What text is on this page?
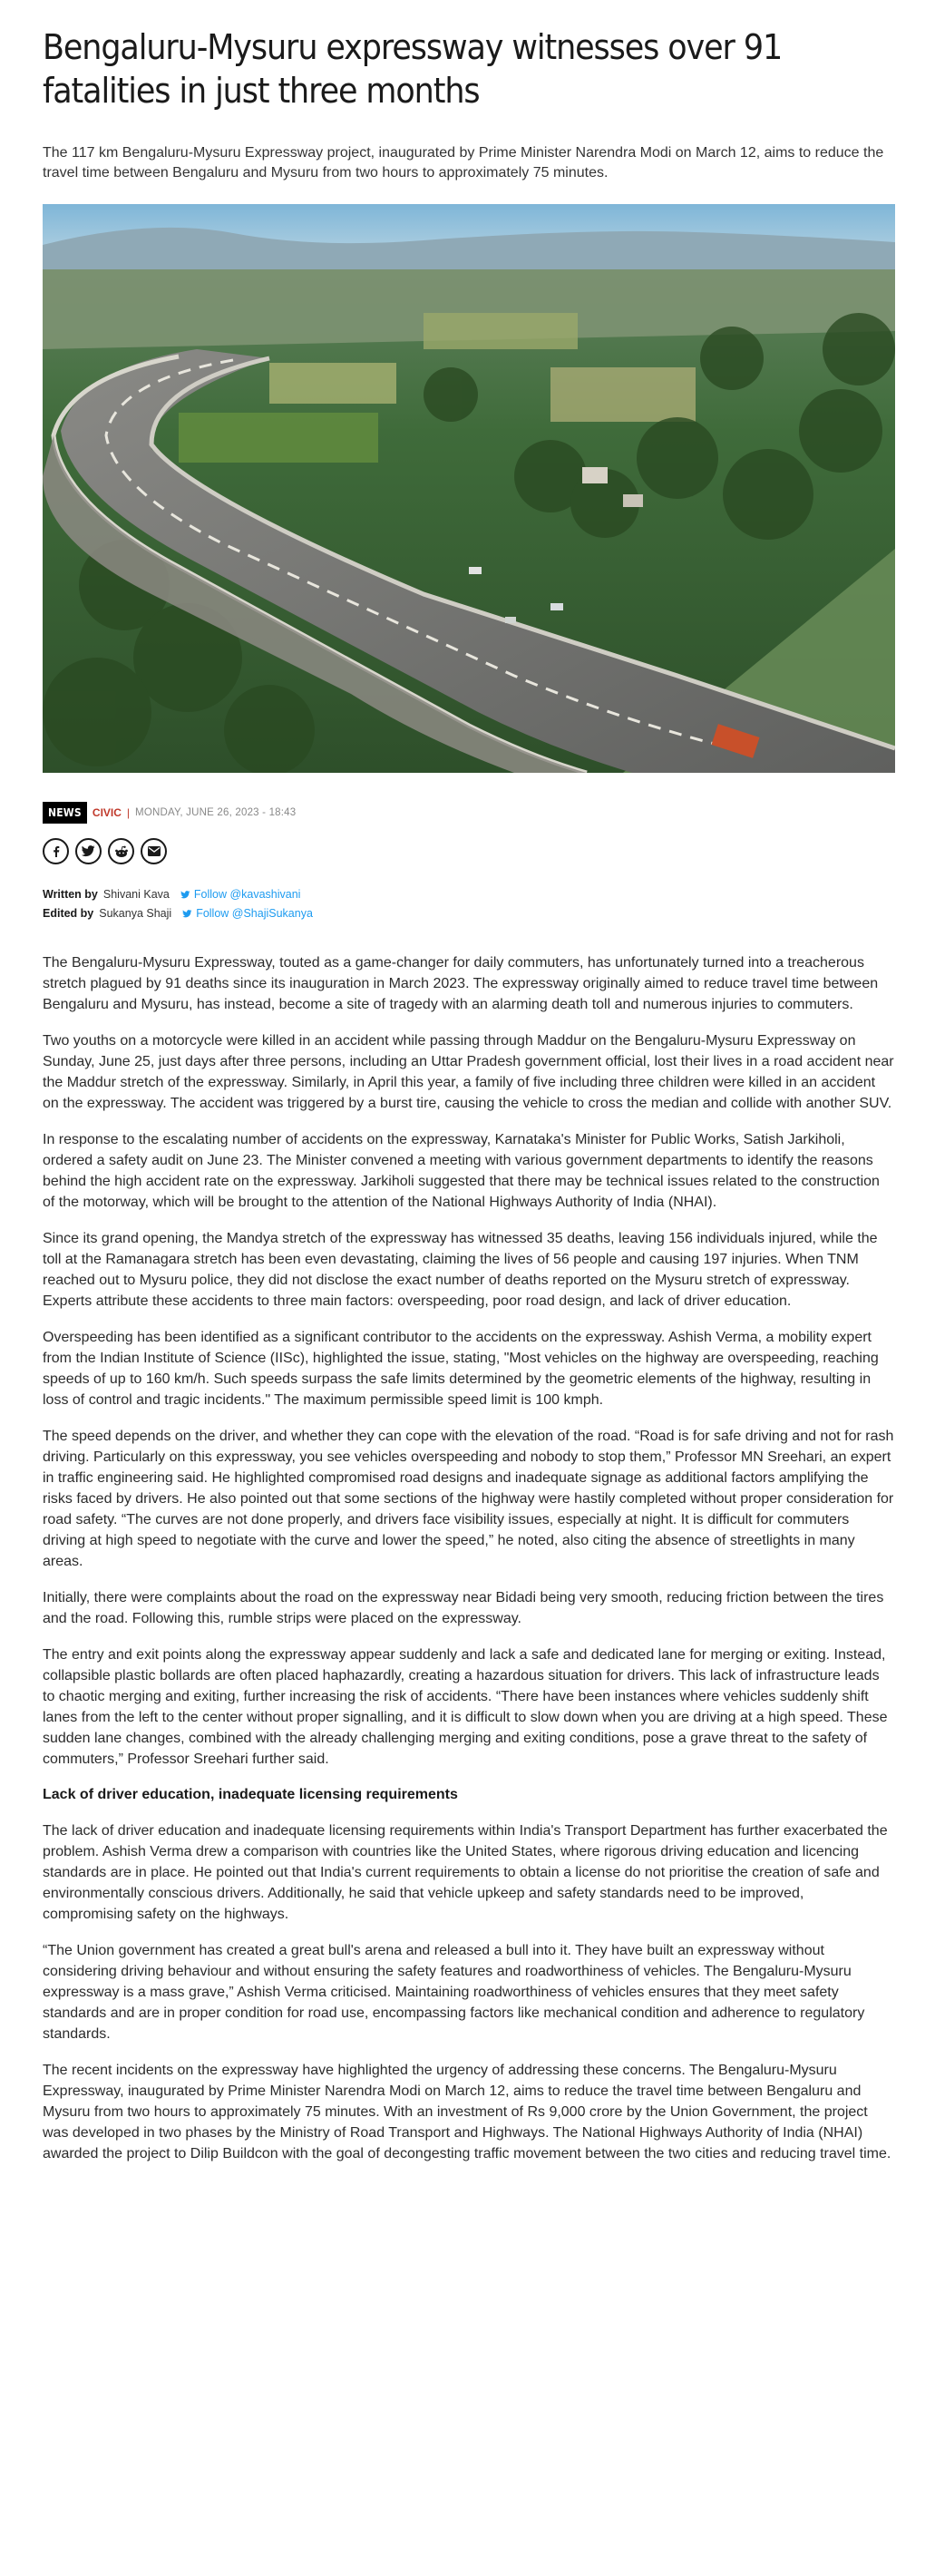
Bengaluru-Mysuru expressway witnesses over 91 fatalities in just three months

The 117 km Bengaluru-Mysuru Expressway project, inaugurated by Prime Minister Narendra Modi on March 12, aims to reduce the travel time between Bengaluru and Mysuru from two hours to approximately 75 minutes.

NEWS	CIVIC | MONDAY, JUNE 26, 2023 - 18:43
Written by Shivani Kava Follow @kavashivani
Edited by Sukanya Shaji Follow @ShajiSukanya

The Bengaluru-Mysuru Expressway, touted as a game-changer for daily commuters, has unfortunately turned into a treacherous stretch plagued by 91 deaths since its inauguration in March 2023. The expressway originally aimed to reduce travel time between Bengaluru and Mysuru, has instead, become a site of tragedy with an alarming death toll and numerous injuries to commuters.

Two youths on a motorcycle were killed in an accident while passing through Maddur on the Bengaluru-Mysuru Expressway on Sunday, June 25, just days after three persons, including an Uttar Pradesh government official, lost their lives in a road accident near the Maddur stretch of the expressway. Similarly, in April this year, a family of five including three children were killed in an accident on the expressway. The accident was triggered by a burst tire, causing the vehicle to cross the median and collide with another SUV.

In response to the escalating number of accidents on the expressway, Karnataka's Minister for Public Works, Satish Jarkiholi, ordered a safety audit on June 23. The Minister convened a meeting with various government departments to identify the reasons behind the high accident rate on the expressway. Jarkiholi suggested that there may be technical issues related to the construction of the motorway, which will be brought to the attention of the National Highways Authority of India (NHAI).

Since its grand opening, the Mandya stretch of the expressway has witnessed 35 deaths, leaving 156 individuals injured, while the toll at the Ramanagara stretch has been even devastating, claiming the lives of 56 people and causing 197 injuries. When TNM reached out to Mysuru police, they did not disclose the exact number of deaths reported on the Mysuru stretch of expressway. Experts attribute these accidents to three main factors: overspeeding, poor road design, and lack of driver education.

Overspeeding has been identified as a significant contributor to the accidents on the expressway. Ashish Verma, a mobility expert from the Indian Institute of Science (IISc), highlighted the issue, stating, "Most vehicles on the highway are overspeeding, reaching speeds of up to 160 km/h. Such speeds surpass the safe limits determined by the geometric elements of the highway, resulting in loss of control and tragic incidents." The maximum permissible speed limit is 100 kmph.

The speed depends on the driver, and whether they can cope with the elevation of the road. “Road is for safe driving and not for rash driving. Particularly on this expressway, you see vehicles overspeeding and nobody to stop them,” Professor MN Sreehari, an expert in traffic engineering said. He highlighted compromised road designs and inadequate signage as additional factors amplifying the risks faced by drivers. He also pointed out that some sections of the highway were hastily completed without proper consideration for road safety. “The curves are not done properly, and drivers face visibility issues, especially at night. It is difficult for commuters driving at high speed to negotiate with the curve and lower the speed,” he noted, also citing the absence of streetlights in many areas.

Initially, there were complaints about the road on the expressway near Bidadi being very smooth, reducing friction between the tires and the road. Following this, rumble strips were placed on the expressway.

The entry and exit points along the expressway appear suddenly and lack a safe and dedicated lane for merging or exiting. Instead, collapsible plastic bollards are often placed haphazardly, creating a hazardous situation for drivers. This lack of infrastructure leads to chaotic merging and exiting, further increasing the risk of accidents. “There have been instances where vehicles suddenly shift lanes from the left to the center without proper signalling, and it is difficult to slow down when you are driving at a high speed. These sudden lane changes, combined with the already challenging merging and exiting conditions, pose a grave threat to the safety of commuters,” Professor Sreehari further said.

Lack of driver education, inadequate licensing requirements

The lack of driver education and inadequate licensing requirements within India's Transport Department has further exacerbated the problem. Ashish Verma drew a comparison with countries like the United States, where rigorous driving education and licencing standards are in place. He pointed out that India's current requirements to obtain a license do not prioritise the creation of safe and environmentally conscious drivers. Additionally, he said that vehicle upkeep and safety standards need to be improved, compromising safety on the highways.

“The Union government has created a great bull's arena and released a bull into it. They have built an expressway without considering driving behaviour and without ensuring the safety features and roadworthiness of vehicles. The Bengaluru-Mysuru expressway is a mass grave,” Ashish Verma criticised. Maintaining roadworthiness of vehicles ensures that they meet safety standards and are in proper condition for road use, encompassing factors like mechanical condition and adherence to regulatory standards.

The recent incidents on the expressway have highlighted the urgency of addressing these concerns. The Bengaluru-Mysuru Expressway, inaugurated by Prime Minister Narendra Modi on March 12, aims to reduce the travel time between Bengaluru and Mysuru from two hours to approximately 75 minutes. With an investment of Rs 9,000 crore by the Union Government, the project was developed in two phases by the Ministry of Road Transport and Highways. The National Highways Authority of India (NHAI) awarded the project to Dilip Buildcon with the goal of decongesting traffic movement between the two cities and reducing travel time.
